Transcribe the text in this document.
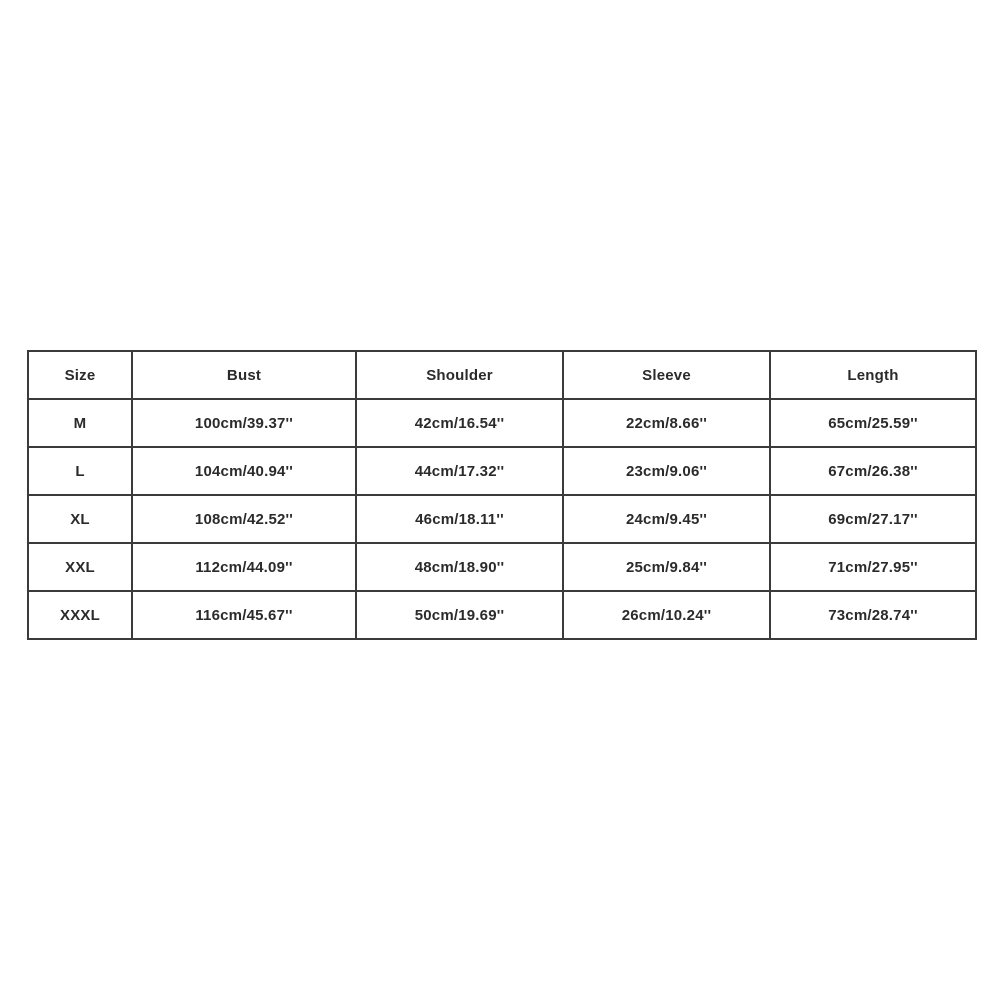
Size	Bust	Shoulder	Sleeve	Length
M	100cm/39.37''	42cm/16.54''	22cm/8.66''	65cm/25.59''
L	104cm/40.94''	44cm/17.32''	23cm/9.06''	67cm/26.38''
XL	108cm/42.52''	46cm/18.11''	24cm/9.45''	69cm/27.17''
XXL	112cm/44.09''	48cm/18.90''	25cm/9.84''	71cm/27.95''
XXXL	116cm/45.67''	50cm/19.69''	26cm/10.24''	73cm/28.74''
